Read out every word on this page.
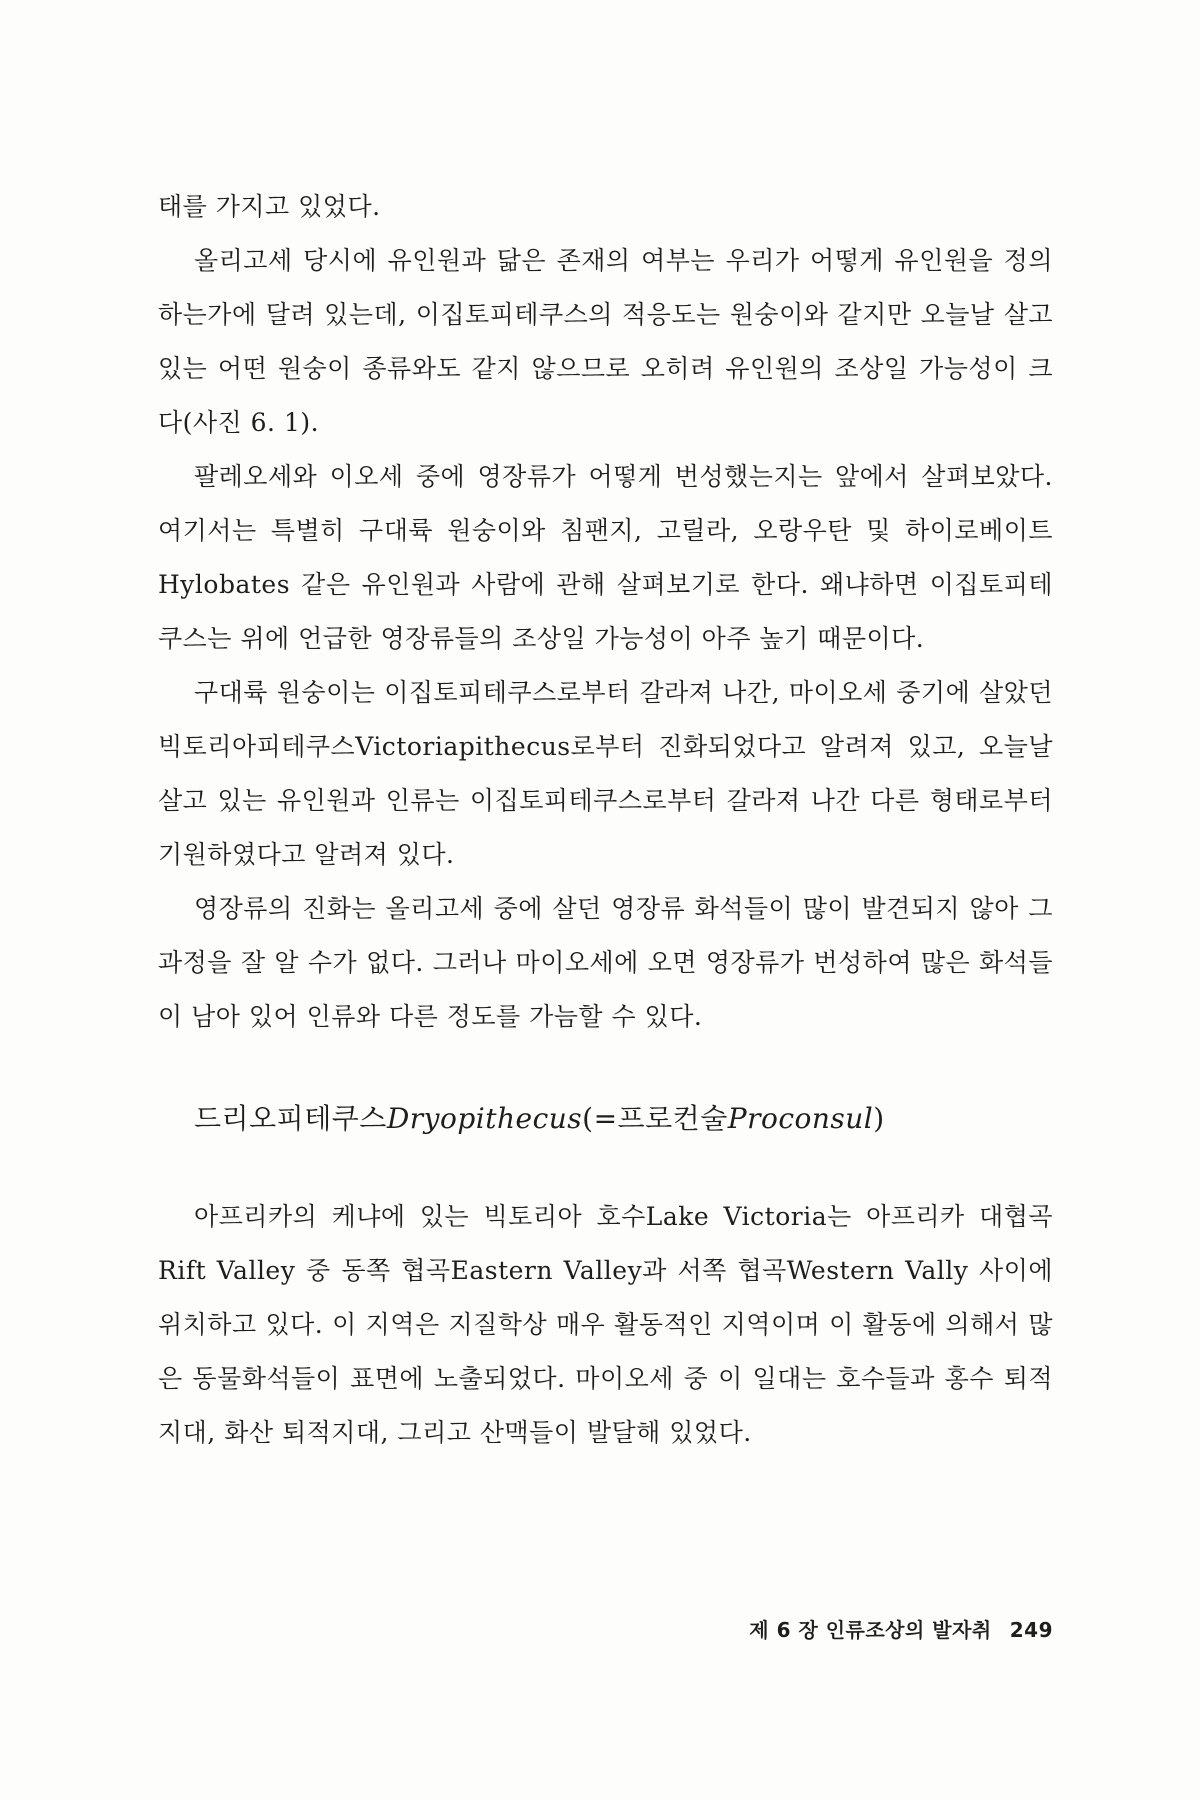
태를 가지고 있었다.

올리고세 당시에 유인원과 닮은 존재의 여부는 우리가 어떻게 유인원을 정의하는가에 달려 있는데, 이집토피테쿠스의 적응도는 원숭이와 같지만 오늘날 살고 있는 어떤 원숭이 종류와도 같지 않으므로 오히려 유인원의 조상일 가능성이 크다(사진 6. 1).

팔레오세와 이오세 중에 영장류가 어떻게 번성했는지는 앞에서 살펴보았다. 여기서는 특별히 구대륙 원숭이와 침팬지, 고릴라, 오랑우탄 및 하이로베이트Hylobates 같은 유인원과 사람에 관해 살펴보기로 한다. 왜냐하면 이집토피테쿠스는 위에 언급한 영장류들의 조상일 가능성이 아주 높기 때문이다.

구대륙 원숭이는 이집토피테쿠스로부터 갈라져 나간, 마이오세 중기에 살았던 빅토리아피테쿠스Victoriapithecus로부터 진화되었다고 알려져 있고, 오늘날 살고 있는 유인원과 인류는 이집토피테쿠스로부터 갈라져 나간 다른 형태로부터 기원하였다고 알려져 있다.

영장류의 진화는 올리고세 중에 살던 영장류 화석들이 많이 발견되지 않아 그 과정을 잘 알 수가 없다. 그러나 마이오세에 오면 영장류가 번성하여 많은 화석들이 남아 있어 인류와 다른 정도를 가늠할 수 있다.

드리오피테쿠스Dryopithecus(=프로컨술Proconsul)

아프리카의 케냐에 있는 빅토리아 호수Lake Victoria는 아프리카 대협곡Rift Valley 중 동쪽 협곡Eastern Valley과 서쪽 협곡Western Vally 사이에 위치하고 있다. 이 지역은 지질학상 매우 활동적인 지역이며 이 활동에 의해서 많은 동물화석들이 표면에 노출되었다. 마이오세 중 이 일대는 호수들과 홍수 퇴적지대, 화산 퇴적지대, 그리고 산맥들이 발달해 있었다.

제 6 장 인류조상의 발자취 249
